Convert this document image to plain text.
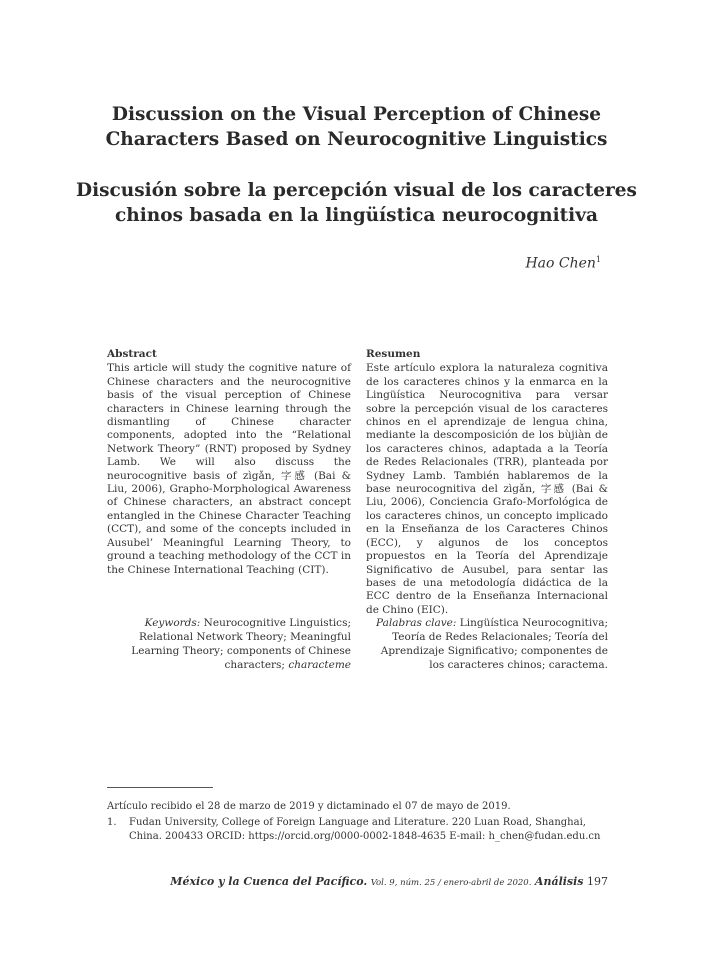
Discussion on the Visual Perception of Chinese
Characters Based on Neurocognitive Linguistics
Discusión sobre la percepción visual de los caracteres
chinos basada en la lingüística neurocognitiva
Hao Chen$^1$
Abstract

This article will study the cognitive nature of Chinese characters and the neurocognitive basis of the visual perception of Chinese characters in Chinese learning through the dismantling of Chinese character components, adopted into the “Relational Network Theory” (RNT) proposed by Sydney Lamb. We will also discuss the neurocognitive basis of zìgǎn, 字感 (Bai & Liu, 2006), Grapho-Morphological Awareness of Chinese characters, an abstract concept entangled in the Chinese Character Teaching (CCT), and some of the concepts included in Ausubel’ Meaningful Learning Theory, to ground a teaching methodology of the CCT in the Chinese International Teaching (CIT).

Resumen

Este artículo explora la naturaleza cognitiva de los caracteres chinos y la enmarca en la Lingüística Neurocognitiva para versar sobre la percepción visual de los caracteres chinos en el aprendizaje de lengua china, mediante la descomposición de los bùjiàn de los caracteres chinos, adaptada a la Teoría de Redes Relacionales (TRR), planteada por Sydney Lamb. También hablaremos de la base neurocognitiva del zìgǎn, 字感 (Bai & Liu, 2006), Conciencia Grafo-Morfológica de los caracteres chinos, un concepto implicado en la Enseñanza de los Caracteres Chinos (ECC), y algunos de los conceptos propuestos en la Teoría del Aprendizaje Significativo de Ausubel, para sentar las bases de una metodología didáctica de la ECC dentro de la Enseñanza Internacional de Chino (EIC).

Keywords: Neurocognitive Linguistics; Relational Network Theory; Meaningful Learning Theory; components of Chinese characters; characteme
Palabras clave: Lingüística Neurocognitiva; Teoría de Redes Relacionales; Teoría del Aprendizaje Significativo; componentes de los caracteres chinos; caractema.

Artículo recibido el 28 de marzo de 2019 y dictaminado el 07 de mayo de 2019.

1.	Fudan University, College of Foreign Language and Literature. 220 Luan Road, Shanghai, China. 200433 ORCID: https://orcid.org/0000-0002-1848-4635 E-mail: h_chen@fudan.edu.cn
México y la Cuenca del Pacífico. Vol. 9, núm. 25 / enero-abril de 2020. Análisis 197
